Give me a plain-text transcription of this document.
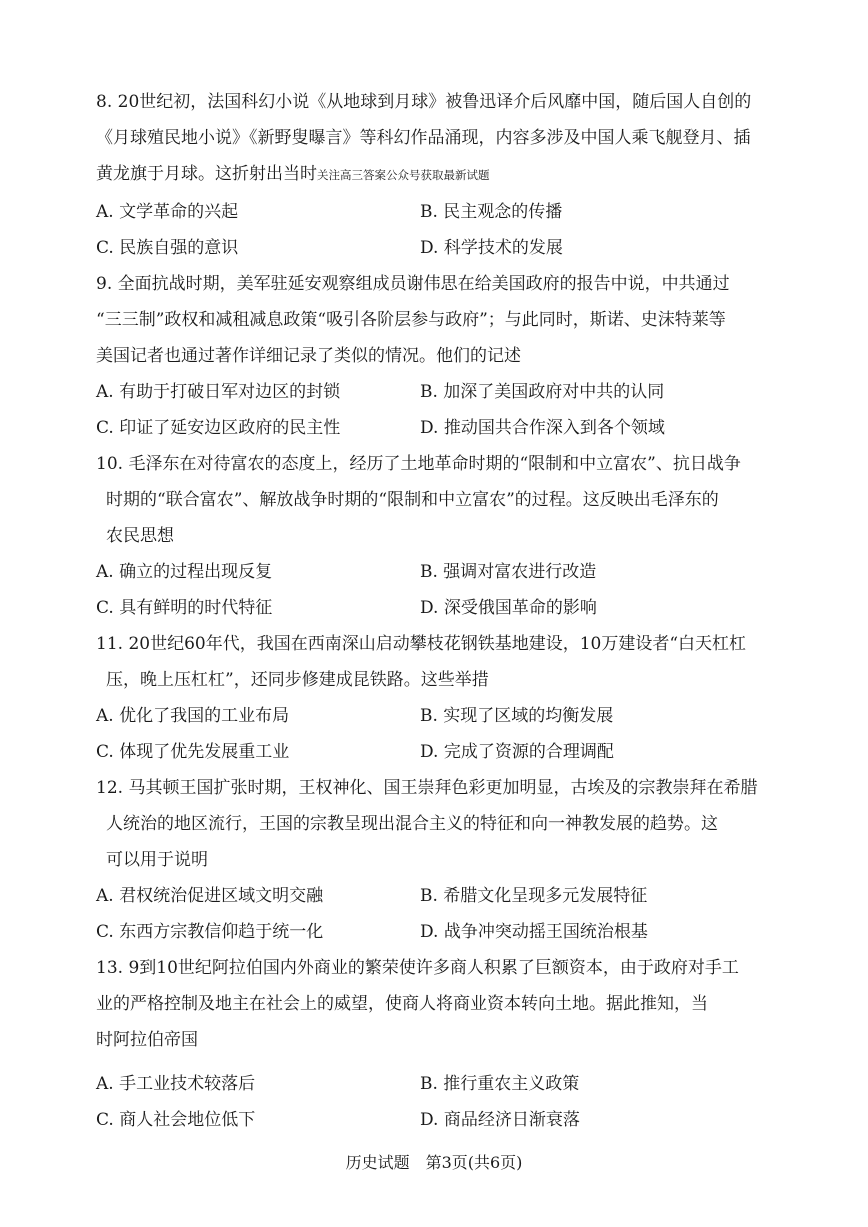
8. 20世纪初，法国科幻小说《从地球到月球》被鲁迅译介后风靡中国，随后国人自创的
《月球殖民地小说》《新野叟曝言》等科幻作品涌现，内容多涉及中国人乘飞舰登月、插
黄龙旗于月球。这折射出当时关注高三答案公众号获取最新试题
A. 文学革命的兴起	B. 民主观念的传播
C. 民族自强的意识	D. 科学技术的发展
9. 全面抗战时期，美军驻延安观察组成员谢伟思在给美国政府的报告中说，中共通过
“三三制”政权和减租减息政策“吸引各阶层参与政府”；与此同时，斯诺、史沫特莱等
美国记者也通过著作详细记录了类似的情况。他们的记述
A. 有助于打破日军对边区的封锁	B. 加深了美国政府对中共的认同
C. 印证了延安边区政府的民主性	D. 推动国共合作深入到各个领域
10. 毛泽东在对待富农的态度上，经历了土地革命时期的“限制和中立富农”、抗日战争
时期的“联合富农”、解放战争时期的“限制和中立富农”的过程。这反映出毛泽东的
农民思想
A. 确立的过程出现反复	B. 强调对富农进行改造
C. 具有鲜明的时代特征	D. 深受俄国革命的影响
11. 20世纪60年代，我国在西南深山启动攀枝花钢铁基地建设，10万建设者“白天杠杠
压，晚上压杠杠”，还同步修建成昆铁路。这些举措
A. 优化了我国的工业布局	B. 实现了区域的均衡发展
C. 体现了优先发展重工业	D. 完成了资源的合理调配
12. 马其顿王国扩张时期，王权神化、国王崇拜色彩更加明显，古埃及的宗教崇拜在希腊
人统治的地区流行，王国的宗教呈现出混合主义的特征和向一神教发展的趋势。这
可以用于说明
A. 君权统治促进区域文明交融	B. 希腊文化呈现多元发展特征
C. 东西方宗教信仰趋于统一化	D. 战争冲突动摇王国统治根基
13. 9到10世纪阿拉伯国内外商业的繁荣使许多商人积累了巨额资本，由于政府对手工
业的严格控制及地主在社会上的威望，使商人将商业资本转向土地。据此推知，当
时阿拉伯帝国
A. 手工业技术较落后	B. 推行重农主义政策
C. 商人社会地位低下	D. 商品经济日渐衰落
历史试题　第3页(共6页)
